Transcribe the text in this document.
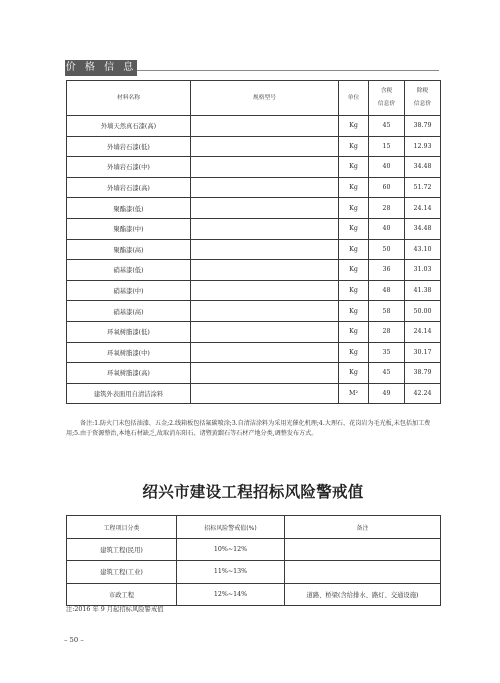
价 格 信 息
材料名称	规格型号	单位	含税
信息价	除税
信息价
外墙天然真石漆(高)		Kg	45	38.79
外墙岩石漆(低)		Kg	15	12.93
外墙岩石漆(中)		Kg	40	34.48
外墙岩石漆(高)		Kg	60	51.72
聚酯漆(低)		Kg	28	24.14
聚酯漆(中)		Kg	40	34.48
聚酯漆(高)		Kg	50	43.10
硝基漆(低)		Kg	36	31.03
硝基漆(中)		Kg	48	41.38
硝基漆(高)		Kg	58	50.00
环氧树脂漆(低)		Kg	28	24.14
环氧树脂漆(中)		Kg	35	30.17
环氧树脂漆(高)		Kg	45	38.79
建筑外表面用自清洁涂料		M²	49	42.24

备注:1.防火门未包括油漆、五金;2.线箱板包括氟碳喷涂;3.自清洁涂料为采用光催化机理;4.大理石、花岗岩为毛光板,未包括加工费用;5.由于资源整治,本地石材缺乏,故取消东阳石、诸暨黄蹓石等石材产地分类,调整发布方式。

绍兴市建设工程招标风险警戒值
工程项目分类	招标风险警戒值(%)	备注
建筑工程(民用)	10%~12%	
建筑工程(工业)	11%~13%	
市政工程	12%~14%	道路、桥梁(含给排水、路灯、交通设施)
注:2016 年 9 月起招标风险警戒值
– 50 –
